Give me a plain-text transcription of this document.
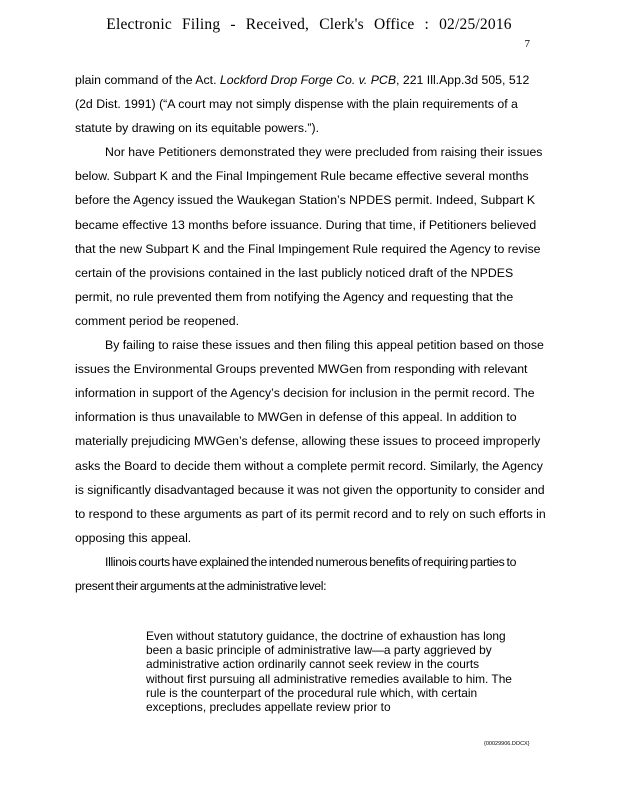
Electronic Filing - Received, Clerk's Office : 02/25/2016
7

plain command of the Act. Lockford Drop Forge Co. v. PCB, 221 Ill.App.3d 505, 512 (2d Dist. 1991) (“A court may not simply dispense with the plain requirements of a statute by drawing on its equitable powers.”).

Nor have Petitioners demonstrated they were precluded from raising their issues below. Subpart K and the Final Impingement Rule became effective several months before the Agency issued the Waukegan Station’s NPDES permit. Indeed, Subpart K became effective 13 months before issuance. During that time, if Petitioners believed that the new Subpart K and the Final Impingement Rule required the Agency to revise certain of the provisions contained in the last publicly noticed draft of the NPDES permit, no rule prevented them from notifying the Agency and requesting that the comment period be reopened.

By failing to raise these issues and then filing this appeal petition based on those issues the Environmental Groups prevented MWGen from responding with relevant information in support of the Agency’s decision for inclusion in the permit record. The information is thus unavailable to MWGen in defense of this appeal. In addition to materially prejudicing MWGen’s defense, allowing these issues to proceed improperly asks the Board to decide them without a complete permit record. Similarly, the Agency is significantly disadvantaged because it was not given the opportunity to consider and to respond to these arguments as part of its permit record and to rely on such efforts in opposing this appeal.

Illinois courts have explained the intended numerous benefits of requiring parties to present their arguments at the administrative level:

Even without statutory guidance, the doctrine of exhaustion has long been a basic principle of administrative law—a party aggrieved by administrative action ordinarily cannot seek review in the courts without first pursuing all administrative remedies available to him. The rule is the counterpart of the procedural rule which, with certain exceptions, precludes appellate review prior to

{00029906.DOCX}
